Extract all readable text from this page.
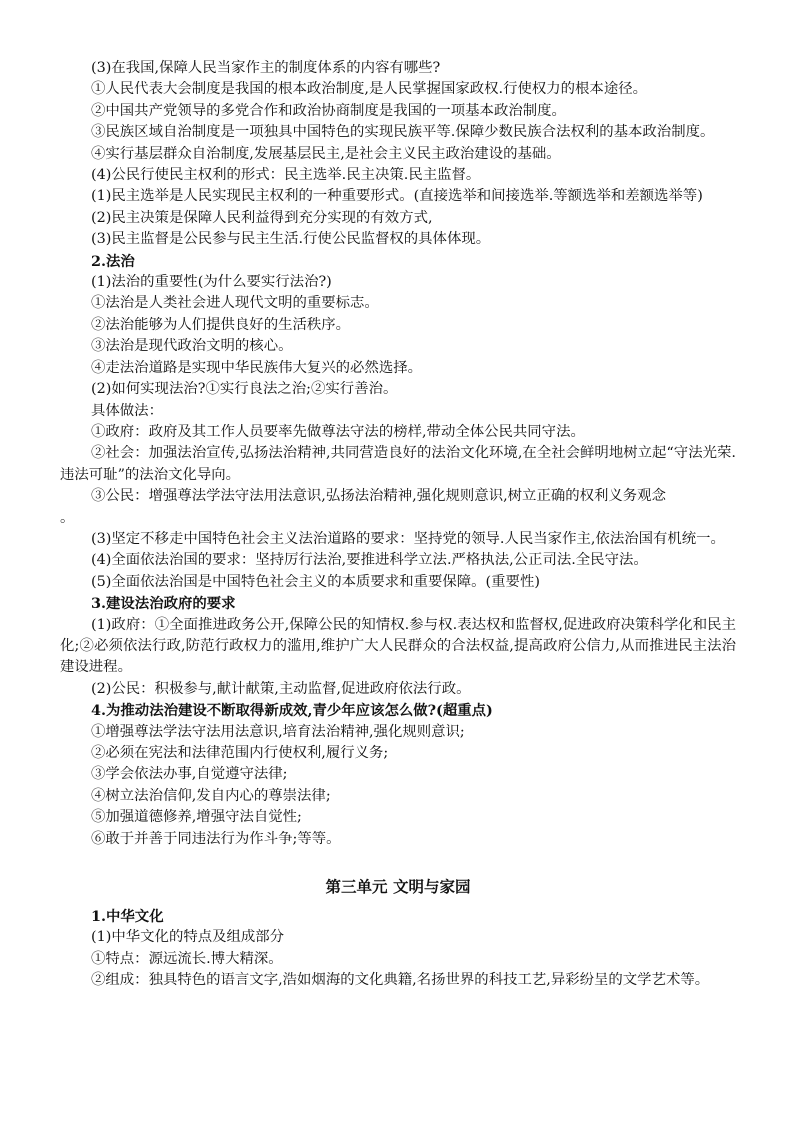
(3)在我国,保障人民当家作主的制度体系的内容有哪些?

①人民代表大会制度是我国的根本政治制度,是人民掌握国家政权.行使权力的根本途径。

②中国共产党领导的多党合作和政治协商制度是我国的一项基本政治制度。

③民族区域自治制度是一项独具中国特色的实现民族平等.保障少数民族合法权利的基本政治制度。

④实行基层群众自治制度,发展基层民主,是社会主义民主政治建设的基础。

(4)公民行使民主权利的形式：民主选举.民主决策.民主监督。

(1)民主选举是人民实现民主权利的一种重要形式。(直接选举和间接选举.等额选举和差额选举等)

(2)民主决策是保障人民利益得到充分实现的有效方式,

(3)民主监督是公民参与民主生活.行使公民监督权的具体体现。

2.法治

(1)法治的重要性(为什么要实行法治?)

①法治是人类社会进人现代文明的重要标志。

②法治能够为人们提供良好的生活秩序。

③法治是现代政治文明的核心。

④走法治道路是实现中华民族伟大复兴的必然选择。

(2)如何实现法治?①实行良法之治;②实行善治。

具体做法：

①政府：政府及其工作人员要率先做尊法守法的榜样,带动全体公民共同守法。

②社会：加强法治宣传,弘扬法治精神,共同营造良好的法治文化环境,在全社会鲜明地树立起“守法光荣.违法可耻”的法治文化导向。

③公民：增强尊法学法守法用法意识,弘扬法治精神,强化规则意识,树立正确的权利义务观念

。

(3)坚定不移走中国特色社会主义法治道路的要求：坚持党的领导.人民当家作主,依法治国有机统一。

(4)全面依法治国的要求：坚持厉行法治,要推进科学立法.严格执法,公正司法.全民守法。

(5)全面依法治国是中国特色社会主义的本质要求和重要保障。(重要性)

3.建设法治政府的要求

(1)政府：①全面推进政务公开,保障公民的知情权.参与权.表达权和监督权,促进政府决策科学化和民主化;②必须依法行政,防范行政权力的滥用,维护广大人民群众的合法权益,提高政府公信力,从而推进民主法治建设进程。

(2)公民：积极参与,献计献策,主动监督,促进政府依法行政。

4.为推动法治建设不断取得新成效,青少年应该怎么做?(超重点)

①增强尊法学法守法用法意识,培育法治精神,强化规则意识;

②必须在宪法和法律范围内行使权利,履行义务;

③学会依法办事,自觉遵守法律;

④树立法治信仰,发自内心的尊崇法律;

⑤加强道德修养,增强守法自觉性;

⑥敢于并善于同违法行为作斗争;等等。

第三单元 文明与家园

1.中华文化

(1)中华文化的特点及组成部分

①特点：源远流长.博大精深。

②组成：独具特色的语言文字,浩如烟海的文化典籍,名扬世界的科技工艺,异彩纷呈的文学艺术等。
